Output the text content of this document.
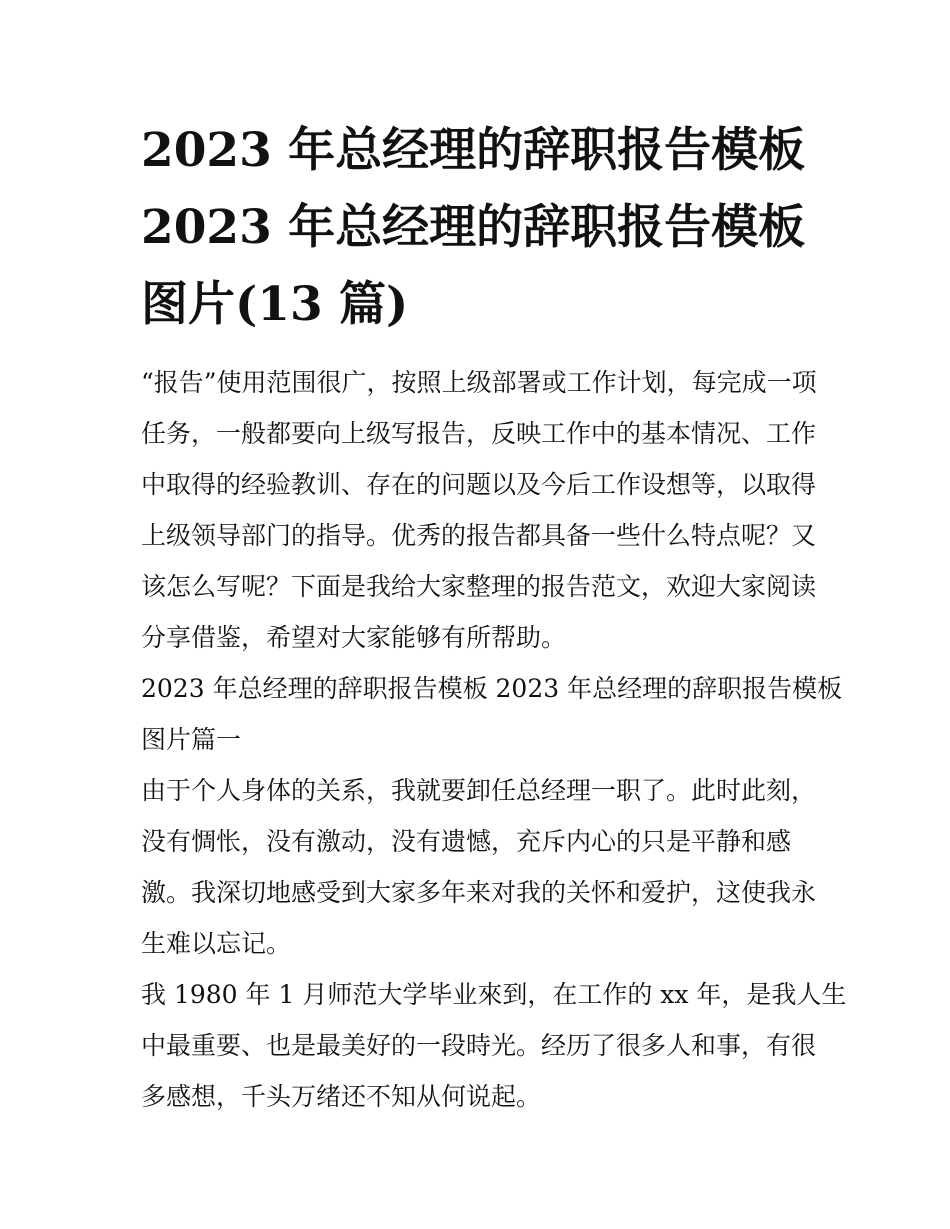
2023 年总经理的辞职报告模板
2023 年总经理的辞职报告模板
图片(13 篇)

“报告”使用范围很广，按照上级部署或工作计划，每完成一项
任务，一般都要向上级写报告，反映工作中的基本情况、工作
中取得的经验教训、存在的问题以及今后工作设想等，以取得
上级领导部门的指导。优秀的报告都具备一些什么特点呢？又
该怎么写呢？下面是我给大家整理的报告范文，欢迎大家阅读
分享借鉴，希望对大家能够有所帮助。

2023 年总经理的辞职报告模板 2023 年总经理的辞职报告模板
图片篇一

由于个人身体的关系，我就要卸任总经理一职了。此时此刻，
没有惆怅，没有激动，没有遗憾，充斥内心的只是平静和感
激。我深切地感受到大家多年来对我的关怀和爱护，这使我永
生难以忘记。

我 1980 年 1 月师范大学毕业來到，在工作的 xx 年，是我人生
中最重要、也是最美好的一段時光。经历了很多人和事，有很
多感想，千头万绪还不知从何说起。
